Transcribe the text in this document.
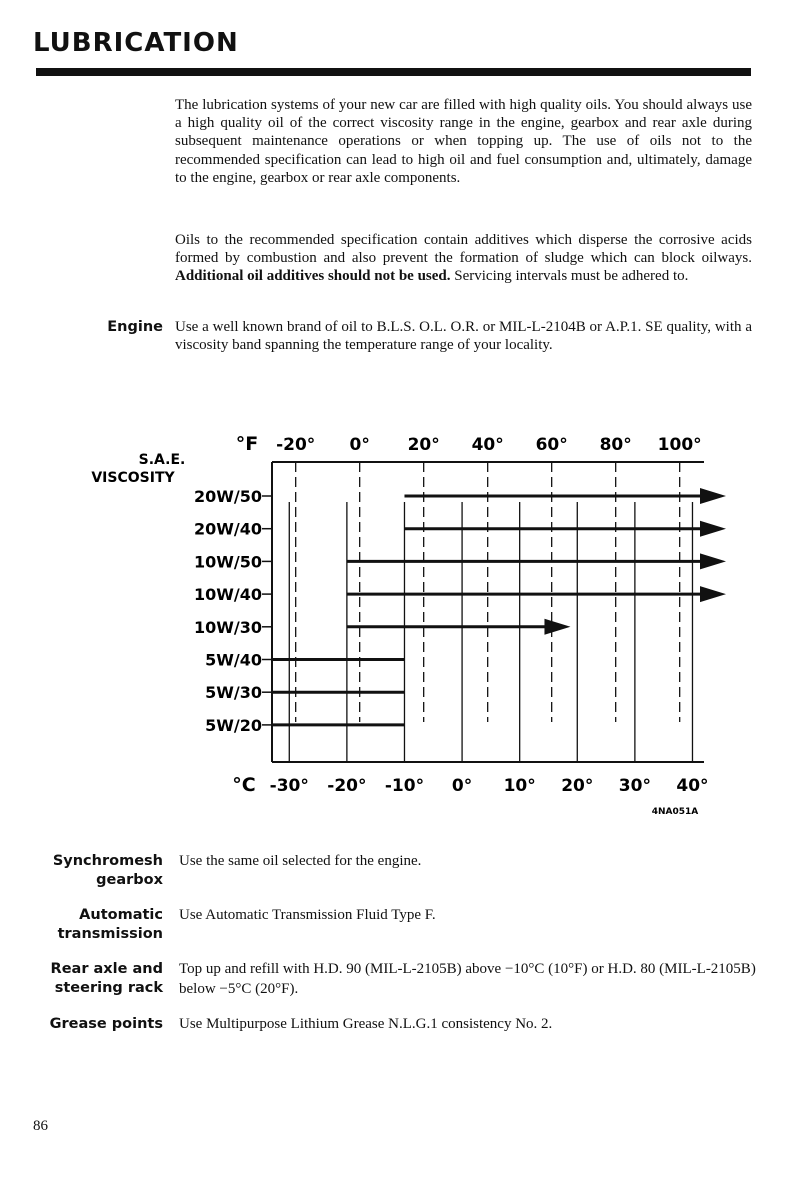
LUBRICATION

The lubrication systems of your new car are filled with high quality oils. You should always use a high quality oil of the correct viscosity range in the engine, gearbox and rear axle during subsequent maintenance operations or when topping up. The use of oils not to the recommended specification can lead to high oil and fuel consumption and, ultimately, damage to the engine, gearbox or rear axle components.

Oils to the recommended specification contain additives which disperse the corrosive acids formed by combustion and also prevent the formation of sludge which can block oilways. Additional oil additives should not be used. Servicing intervals must be adhered to.

Engine Use a well known brand of oil to B.L.S. O.L. O.R. or MIL-L-2104B or A.P.1. SE quality, with a viscosity band spanning the temperature range of your locality.

S.A.E.
VISCOSITY
°F
°C
-20° 0° 20° 40° 60° 80° 100°
-30° -20° -10° 0° 10° 20° 30° 40°
20W/50
20W/40
10W/50
10W/40
10W/30
5W/40
5W/30
5W/20
4NA051A
Synchromesh
gearbox

Use the same oil selected for the engine.

Automatic
transmission

Use Automatic Transmission Fluid Type F.

Rear axle and
steering rack

Top up and refill with H.D. 90 (MIL-L-2105B) above −10°C (10°F) or H.D. 80 (MIL-L-2105B) below −5°C (20°F).

Grease points Use Multipurpose Lithium Grease N.L.G.1 consistency No. 2.

86
